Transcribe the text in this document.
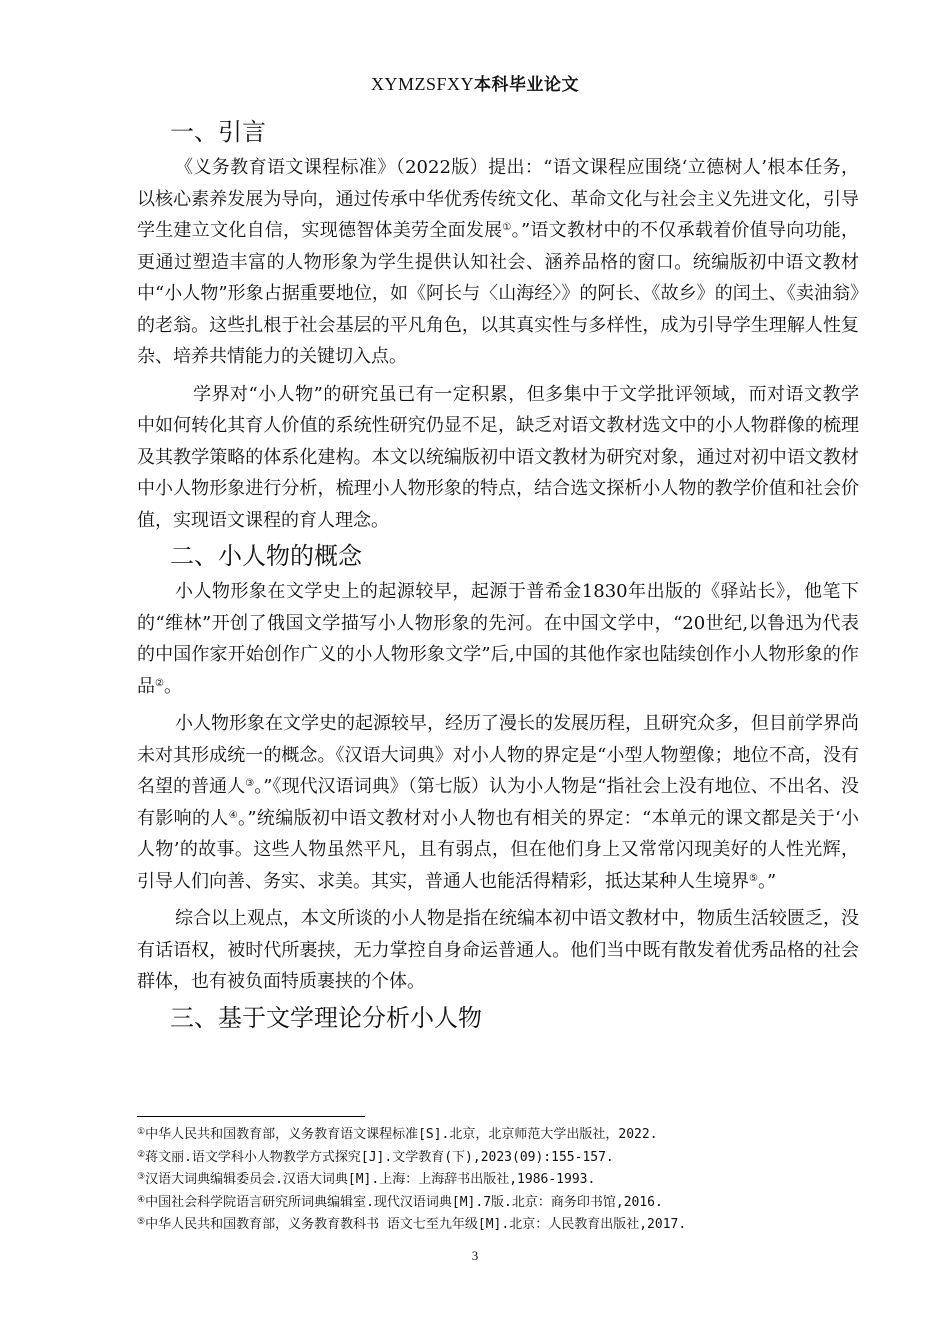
XYMZSFXY本科毕业论文
一、引言

《义务教育语文课程标准》（2022版）提出：“语文课程应围绕‘立德树人’根本任务，以核心素养发展为导向，通过传承中华优秀传统文化、革命文化与社会主义先进文化，引导学生建立文化自信，实现德智体美劳全面发展①。”语文教材中的不仅承载着价值导向功能，更通过塑造丰富的人物形象为学生提供认知社会、涵养品格的窗口。统编版初中语文教材中“小人物”形象占据重要地位，如《阿长与〈山海经〉》的阿长、《故乡》的闰土、《卖油翁》的老翁。这些扎根于社会基层的平凡角色，以其真实性与多样性，成为引导学生理解人性复杂、培养共情能力的关键切入点。

学界对“小人物”的研究虽已有一定积累，但多集中于文学批评领域，而对语文教学中如何转化其育人价值的系统性研究仍显不足，缺乏对语文教材选文中的小人物群像的梳理及其教学策略的体系化建构。本文以统编版初中语文教材为研究对象，通过对初中语文教材中小人物形象进行分析，梳理小人物形象的特点，结合选文探析小人物的教学价值和社会价值，实现语文课程的育人理念。

二、小人物的概念

小人物形象在文学史上的起源较早，起源于普希金1830年出版的《驿站长》，他笔下的“维林”开创了俄国文学描写小人物形象的先河。在中国文学中，“20世纪,以鲁迅为代表的中国作家开始创作广义的小人物形象文学”后,中国的其他作家也陆续创作小人物形象的作品②。

小人物形象在文学史的起源较早，经历了漫长的发展历程，且研究众多，但目前学界尚未对其形成统一的概念。《汉语大词典》对小人物的界定是“小型人物塑像；地位不高，没有名望的普通人③。”《现代汉语词典》（第七版）认为小人物是“指社会上没有地位、不出名、没有影响的人④。”统编版初中语文教材对小人物也有相关的界定：“本单元的课文都是关于‘小人物’的故事。这些人物虽然平凡，且有弱点，但在他们身上又常常闪现美好的人性光辉，引导人们向善、务实、求美。其实，普通人也能活得精彩，抵达某种人生境界⑤。”

综合以上观点，本文所谈的小人物是指在统编本初中语文教材中，物质生活较匮乏，没有话语权，被时代所裹挟，无力掌控自身命运普通人。他们当中既有散发着优秀品格的社会群体，也有被负面特质裹挟的个体。

三、基于文学理论分析小人物
①中华人民共和国教育部，义务教育语文课程标准[S].北京，北京师范大学出版社，2022.
②蒋文丽.语文学科小人物教学方式探究[J].文学教育(下),2023(09):155-157.
③汉语大词典编辑委员会.汉语大词典[M].上海：上海辞书出版社,1986-1993.
④中国社会科学院语言研究所词典编辑室.现代汉语词典[M].7版.北京：商务印书馆,2016.
⑤中华人民共和国教育部，义务教育教科书 语文七至九年级[M].北京：人民教育出版社,2017.
3
